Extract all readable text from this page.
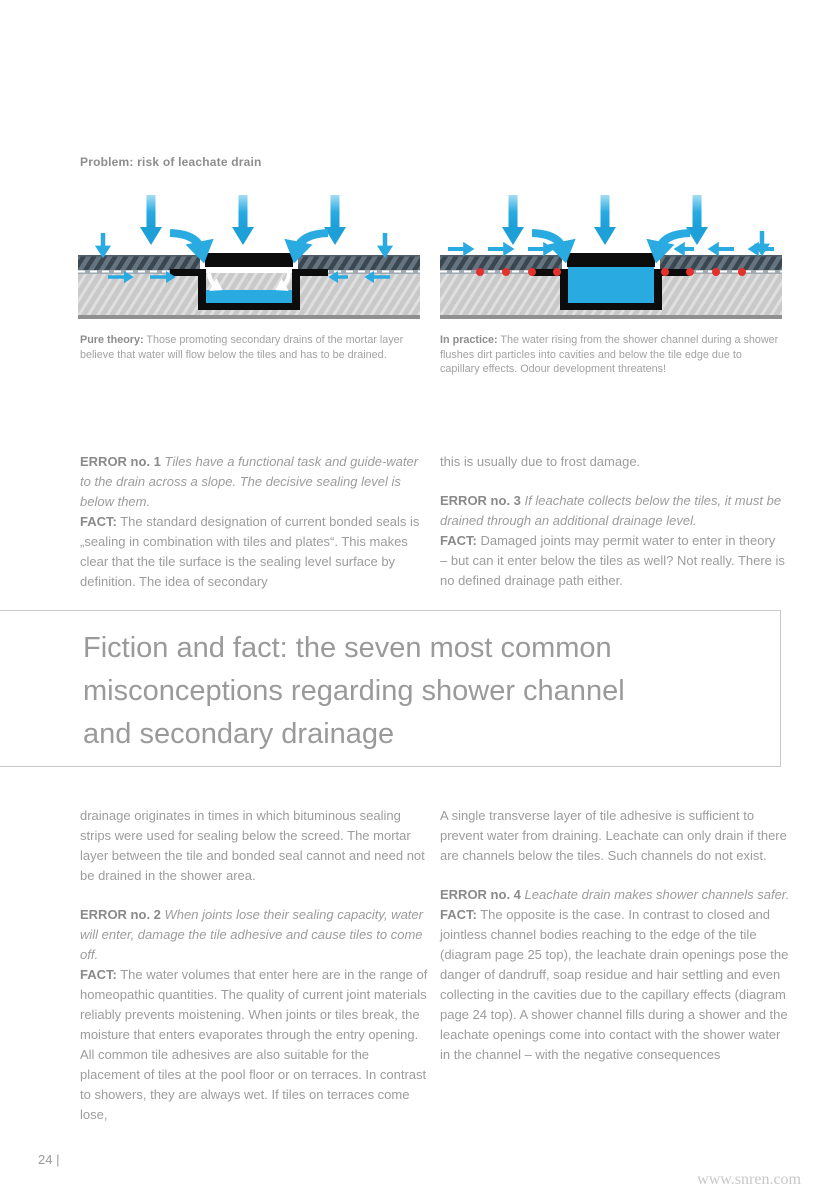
Problem: risk of leachate drain
Pure theory: Those promoting secondary drains of the mortar layer believe that water will flow below the tiles and has to be drained.
In practice: The water rising from the shower channel during a shower flushes dirt particles into cavities and below the tile edge due to capillary effects. Odour development threatens!

ERROR no. 1 Tiles have a functional task and guide-water to the drain across a slope. The decisive sealing level is below them.
FACT: The standard designation of current bonded seals is „sealing in combination with tiles and plates“. This makes clear that the tile surface is the sealing level surface by definition. The idea of secondary

this is usually due to frost damage.

ERROR no. 3 If leachate collects below the tiles, it must be drained through an additional drainage level.
FACT: Damaged joints may permit water to enter in theory – but can it enter below the tiles as well? Not really. There is no defined drainage path either.

Fiction and fact: the seven most common
misconceptions regarding shower channel
and secondary drainage

drainage originates in times in which bituminous sealing strips were used for sealing below the screed. The mortar layer between the tile and bonded seal cannot and need not be drained in the shower area.

ERROR no. 2 When joints lose their sealing capacity, water will enter, damage the tile adhesive and cause tiles to come off.
FACT: The water volumes that enter here are in the range of homeopathic quantities. The quality of current joint materials reliably prevents moistening. When joints or tiles break, the moisture that enters evaporates through the entry opening. All common tile adhesives are also suitable for the placement of tiles at the pool floor or on terraces. In contrast to showers, they are always wet. If tiles on terraces come lose,

A single transverse layer of tile adhesive is sufficient to prevent water from draining. Leachate can only drain if there are channels below the tiles. Such channels do not exist.

ERROR no. 4 Leachate drain makes shower channels safer.
FACT: The opposite is the case. In contrast to closed and jointless channel bodies reaching to the edge of the tile (diagram page 25 top), the leachate drain openings pose the danger of dandruff, soap residue and hair settling and even collecting in the cavities due to the capillary effects (diagram page 24 top). A shower channel fills during a shower and the leachate openings come into contact with the shower water in the channel – with the negative consequences

24 |
www.snren.com
